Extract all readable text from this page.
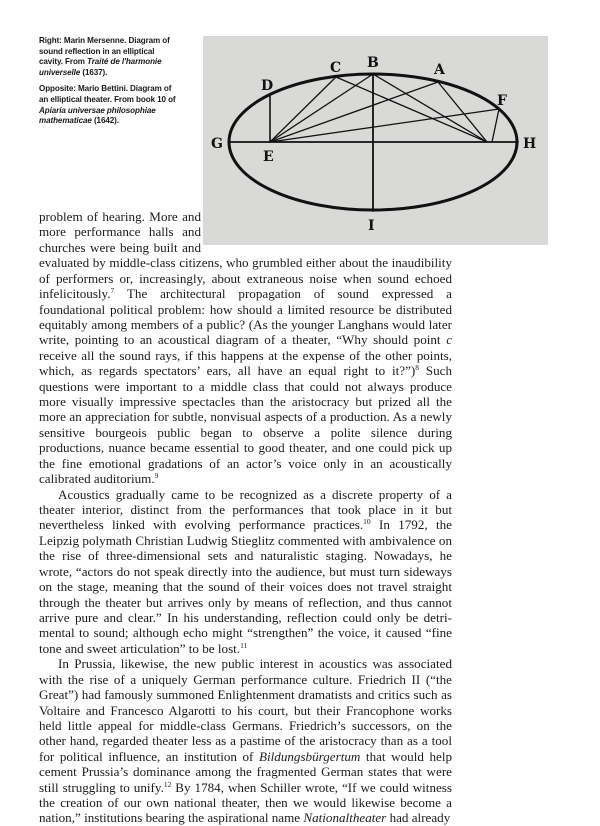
Right: Marin Mersenne. Diagram of sound reflection in an elliptical cavity. From Traité de l'harmonie universelle (1637).

Opposite: Mario Bettini. Diagram of an elliptical theater. From book 10 of Apiaria universae philosophiae mathematicae (1642).

A
B
C
D
E
F
G	H
I

problem of hearing. More and more performance halls and churches were being built and evaluated by middle-class citizens, who grumbled either about the inaudibility of performers or, increasingly, about extraneous noise when sound echoed infelicitously.$^7$ The architectural propagation of sound expressed a foundational political problem: how should a limited resource be distributed equitably among members of a public? (As the younger Langhans would later write, pointing to an acoustical diagram of a theater, “Why should point c receive all the sound rays, if this happens at the expense of the other points, which, as regards spectators’ ears, all have an equal right to it?”)$^8$ Such questions were important to a middle class that could not always produce more visually impressive spectacles than the aristocracy but prized all the more an appreciation for subtle, nonvisual aspects of a production. As a newly sensitive bourgeois public began to observe a polite silence during productions, nuance became essential to good theater, and one could pick up the fine emotional gradations of an actor’s voice only in an acoustically calibrated auditorium.$^9$

Acoustics gradually came to be recognized as a discrete property of a theater interior, distinct from the performances that took place in it but nevertheless linked with evolving performance practices.$^{10}$ In 1792, the Leipzig polymath Christian Ludwig Stieglitz commented with ambivalence on the rise of three-dimensional sets and naturalistic staging. Nowadays, he wrote, “actors do not speak directly into the audience, but must turn sideways on the stage, meaning that the sound of their voices does not travel straight through the theater but arrives only by means of reflection, and thus cannot arrive pure and clear.” In his understanding, reflection could only be detrimental to sound; although echo might “strengthen” the voice, it caused “fine tone and sweet articulation” to be lost.$^{11}$

In Prussia, likewise, the new public interest in acoustics was associated with the rise of a uniquely German performance culture. Friedrich II (“the Great”) had famously summoned Enlightenment dramatists and critics such as Voltaire and Francesco Algarotti to his court, but their Francophone works held little appeal for middle-class Germans. Friedrich’s successors, on the other hand, regarded theater less as a pastime of the aristocracy than as a tool for political influence, an institution of Bildungsbürgertum that would help cement Prussia’s dominance among the fragmented German states that were still struggling to unify.$^{12}$ By 1784, when Schiller wrote, “If we could witness the creation of our own national theater, then we would likewise become a nation,” institutions bearing the aspirational name Nationaltheater had already
